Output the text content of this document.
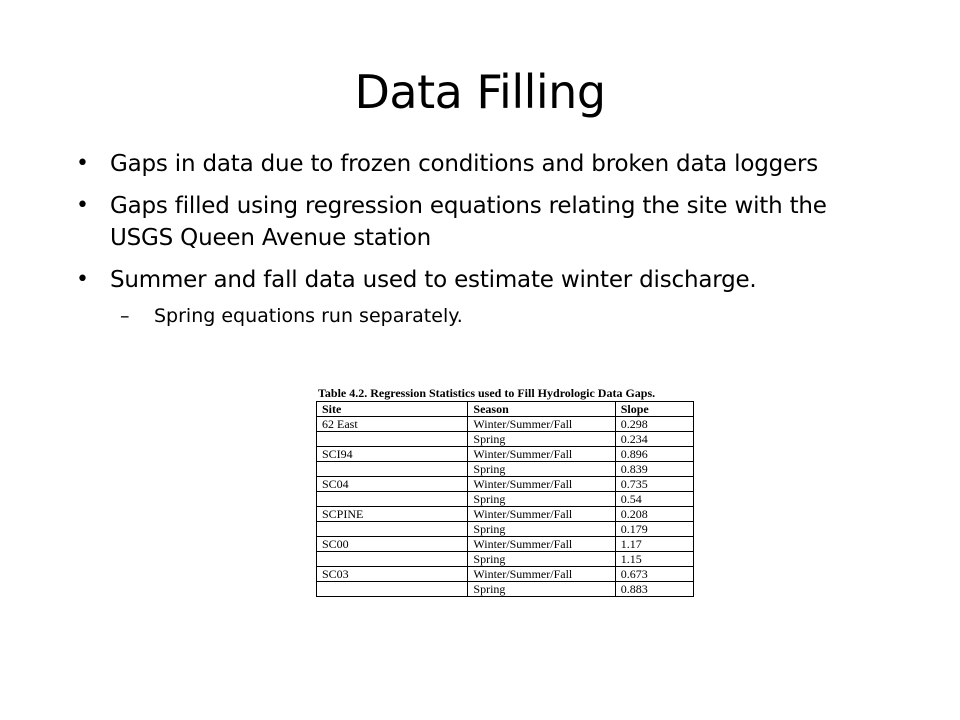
Data Filling
• Gaps in data due to frozen conditions and broken data loggers
• Gaps filled using regression equations relating the site with the USGS Queen Avenue station
• Summer and fall data used to estimate winter discharge.
– Spring equations run separately.
Table 4.2. Regression Statistics used to Fill Hydrologic Data Gaps.
Site	Season	Slope
62 East	Winter/Summer/Fall	0.298
	Spring	0.234
SCI94	Winter/Summer/Fall	0.896
	Spring	0.839
SC04	Winter/Summer/Fall	0.735
	Spring	0.54
SCPINE	Winter/Summer/Fall	0.208
	Spring	0.179
SC00	Winter/Summer/Fall	1.17
	Spring	1.15
SC03	Winter/Summer/Fall	0.673
	Spring	0.883
